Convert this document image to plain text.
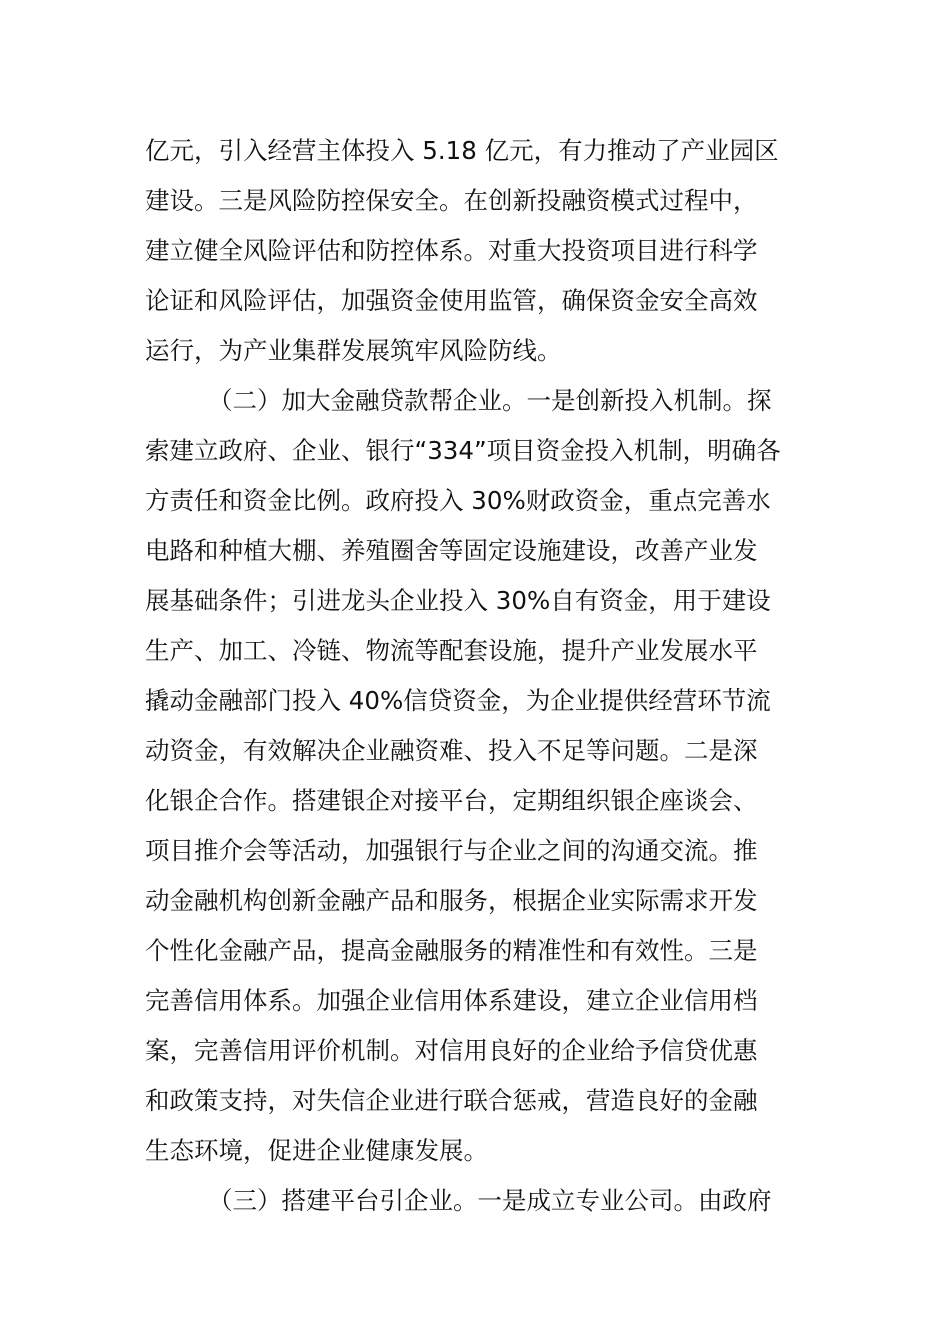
亿元，引入经营主体投入 5.18 亿元，有力推动了产业园区
建设。三是风险防控保安全。在创新投融资模式过程中，
建立健全风险评估和防控体系。对重大投资项目进行科学
论证和风险评估，加强资金使用监管，确保资金安全高效
运行，为产业集群发展筑牢风险防线。
（二）加大金融贷款帮企业。一是创新投入机制。探
索建立政府、企业、银行“334”项目资金投入机制，明确各
方责任和资金比例。政府投入 30%财政资金，重点完善水
电路和种植大棚、养殖圈舍等固定设施建设，改善产业发
展基础条件；引进龙头企业投入 30%自有资金，用于建设
生产、加工、冷链、物流等配套设施，提升产业发展水平
撬动金融部门投入 40%信贷资金，为企业提供经营环节流
动资金，有效解决企业融资难、投入不足等问题。二是深
化银企合作。搭建银企对接平台，定期组织银企座谈会、
项目推介会等活动，加强银行与企业之间的沟通交流。推
动金融机构创新金融产品和服务，根据企业实际需求开发
个性化金融产品，提高金融服务的精准性和有效性。三是
完善信用体系。加强企业信用体系建设，建立企业信用档
案，完善信用评价机制。对信用良好的企业给予信贷优惠
和政策支持，对失信企业进行联合惩戒，营造良好的金融
生态环境，促进企业健康发展。
（三）搭建平台引企业。一是成立专业公司。由政府
